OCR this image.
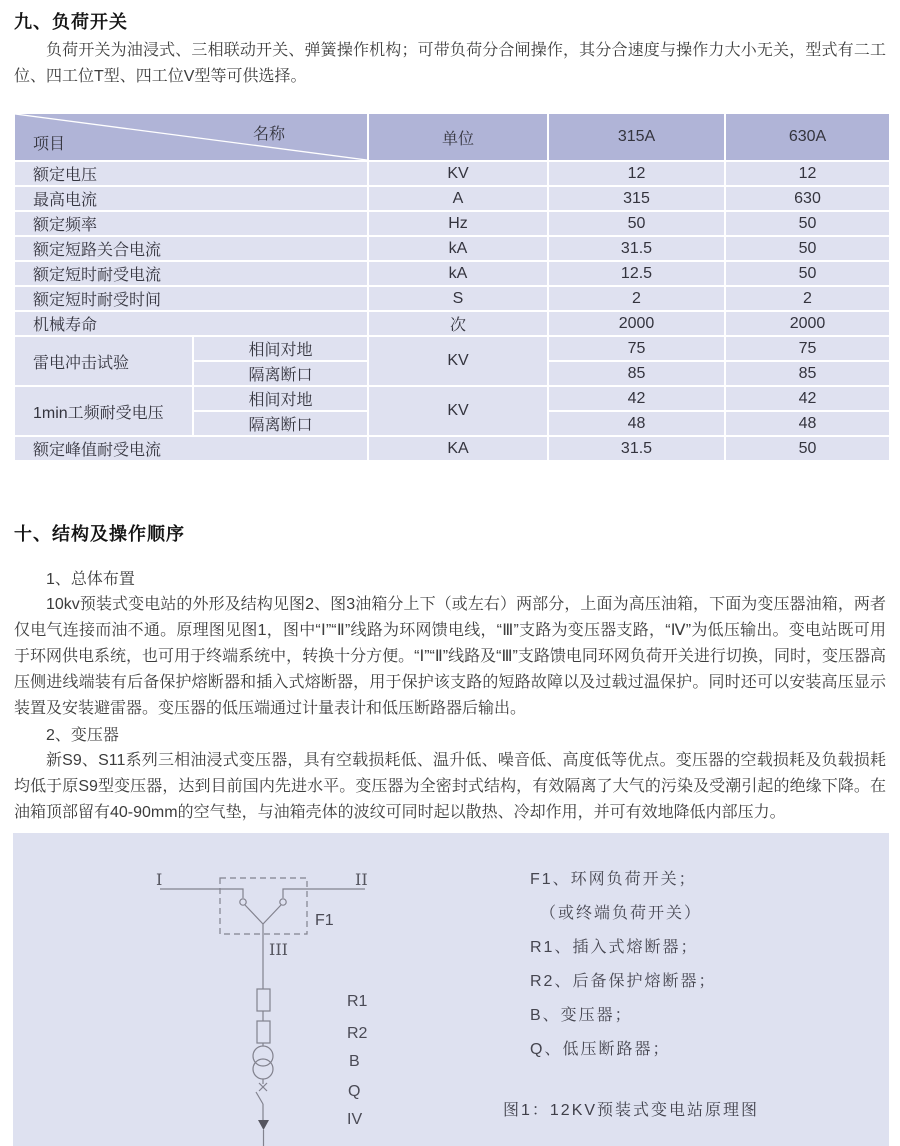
九、负荷开关

负荷开关为油浸式、三相联动开关、弹簧操作机构；可带负荷分合闸操作，其分合速度与操作力大小无关，型式有二工位、四工位T型、四工位V型等可供选择。

名称
项目		单位	315A	630A
额定电压		KV	12	12
最高电流		A	315	630
额定频率		Hz	50	50
额定短路关合电流		kA	31.5	50
额定短时耐受电流		kA	12.5	50
额定短时耐受时间		S	2	2
机械寿命		次	2000	2000
雷电冲击试验	相间对地	KV	75	75
	隔离断口		85	85
1min工频耐受电压	相间对地	KV	42	42
	隔离断口		48	48
额定峰值耐受电流		KA	31.5	50
十、结构及操作顺序
1、总体布置

10kv预装式变电站的外形及结构见图2、图3油箱分上下（或左右）两部分，上面为高压油箱，下面为变压器油箱，两者仅电气连接而油不通。原理图见图1，图中“Ⅰ”“Ⅱ”线路为环网馈电线，“Ⅲ”支路为变压器支路，“Ⅳ”为低压输出。变电站既可用于环网供电系统，也可用于终端系统中，转换十分方便。“Ⅰ”“Ⅱ”线路及“Ⅲ”支路馈电同环网负荷开关进行切换，同时，变压器高压侧进线端装有后备保护熔断器和插入式熔断器，用于保护该支路的短路故障以及过载过温保护。同时还可以安装高压显示装置及安装避雷器。变压器的低压端通过计量表计和低压断路器后输出。

2、变压器

新S9、S11系列三相油浸式变压器，具有空载损耗低、温升低、噪音低、高度低等优点。变压器的空载损耗及负载损耗均低于原S9型变压器，达到目前国内先进水平。变压器为全密封式结构，有效隔离了大气的污染及受潮引起的绝缘下降。在油箱顶部留有40-90mm的空气垫，与油箱壳体的波纹可同时起以散热、冷却作用，并可有效地降低内部压力。

I	II
III
F1
R1
R2
B
Q
IV
F1、环网负荷开关；
（或终端负荷开关）
R1、插入式熔断器；
R2、后备保护熔断器；
B、变压器；
Q、低压断路器；
图1：12KV预装式变电站原理图
